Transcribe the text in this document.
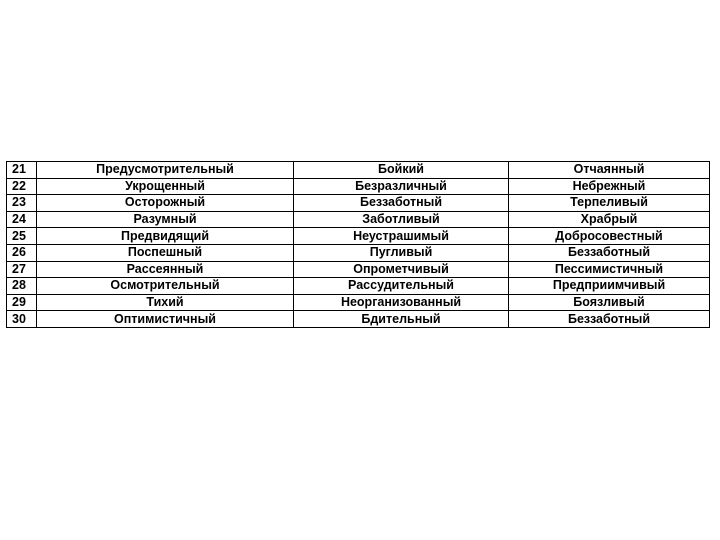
21	Предусмотрительный	Бойкий	Отчаянный
22	Укрощенный	Безразличный	Небрежный
23	Осторожный	Беззаботный	Терпеливый
24	Разумный	Заботливый	Храбрый
25	Предвидящий	Неустрашимый	Добросовестный
26	Поспешный	Пугливый	Беззаботный
27	Рассеянный	Опрометчивый	Пессимистичный
28	Осмотрительный	Рассудительный	Предприимчивый
29	Тихий	Неорганизованный	Боязливый
30	Оптимистичный	Бдительный	Беззаботный
